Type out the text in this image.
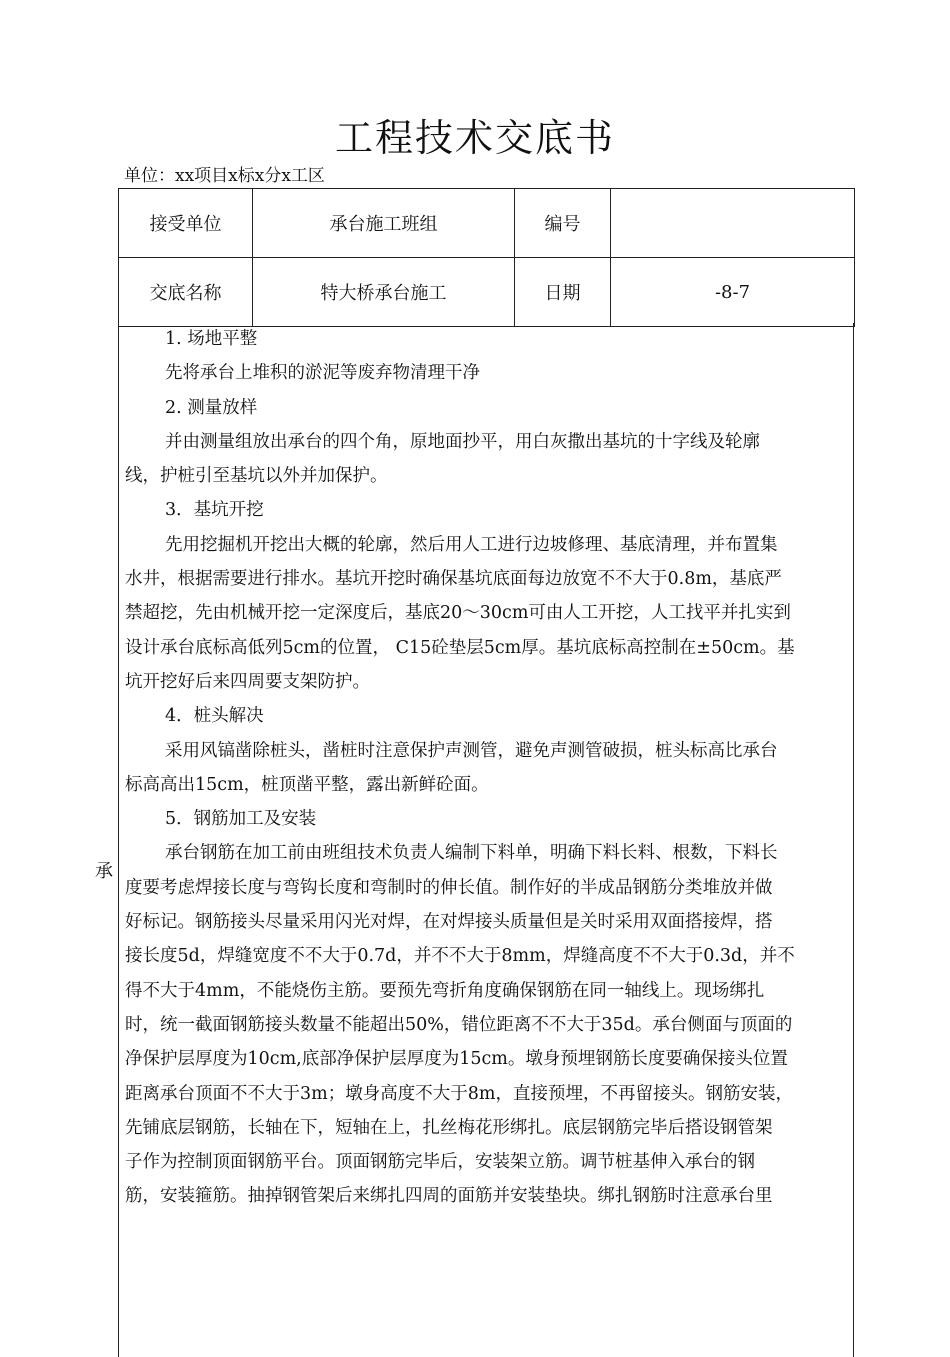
工程技术交底书
单位：xx项目x标x分x工区
接受单位	承台施工班组	编号	
交底名称	特大桥承台施工	日期	-8-7
承

1. 场地平整

先将承台上堆积的淤泥等废弃物清理干净

2. 测量放样

并由测量组放出承台的四个角，原地面抄平，用白灰撒出基坑的十字线及轮廓

线，护桩引至基坑以外并加保护。

3．基坑开挖

先用挖掘机开挖出大概的轮廓，然后用人工进行边坡修理、基底清理，并布置集

水井，根据需要进行排水。基坑开挖时确保基坑底面每边放宽不不大于0.8m，基底严

禁超挖，先由机械开挖一定深度后，基底20～30cm可由人工开挖，人工找平并扎实到

设计承台底标高低列5cm的位置， C15砼垫层5cm厚。基坑底标高控制在±50cm。基

坑开挖好后来四周要支架防护。

4．桩头解决

采用风镐凿除桩头，凿桩时注意保护声测管，避免声测管破损，桩头标高比承台

标高高出15cm，桩顶凿平整，露出新鲜砼面。

5．钢筋加工及安装

承台钢筋在加工前由班组技术负责人编制下料单，明确下料长料、根数，下料长

度要考虑焊接长度与弯钩长度和弯制时的伸长值。制作好的半成品钢筋分类堆放并做

好标记。钢筋接头尽量采用闪光对焊，在对焊接头质量但是关时采用双面搭接焊，搭

接长度5d，焊缝宽度不不大于0.7d，并不不大于8mm，焊缝高度不不大于0.3d，并不

得不大于4mm，不能烧伤主筋。要预先弯折角度确保钢筋在同一轴线上。现场绑扎

时，统一截面钢筋接头数量不能超出50%，错位距离不不大于35d。承台侧面与顶面的

净保护层厚度为10cm,底部净保护层厚度为15cm。墩身预埋钢筋长度要确保接头位置

距离承台顶面不不大于3m；墩身高度不大于8m，直接预埋，不再留接头。钢筋安装，

先铺底层钢筋，长轴在下，短轴在上，扎丝梅花形绑扎。底层钢筋完毕后搭设钢管架

子作为控制顶面钢筋平台。顶面钢筋完毕后，安装架立筋。调节桩基伸入承台的钢

筋，安装箍筋。抽掉钢管架后来绑扎四周的面筋并安装垫块。绑扎钢筋时注意承台里
